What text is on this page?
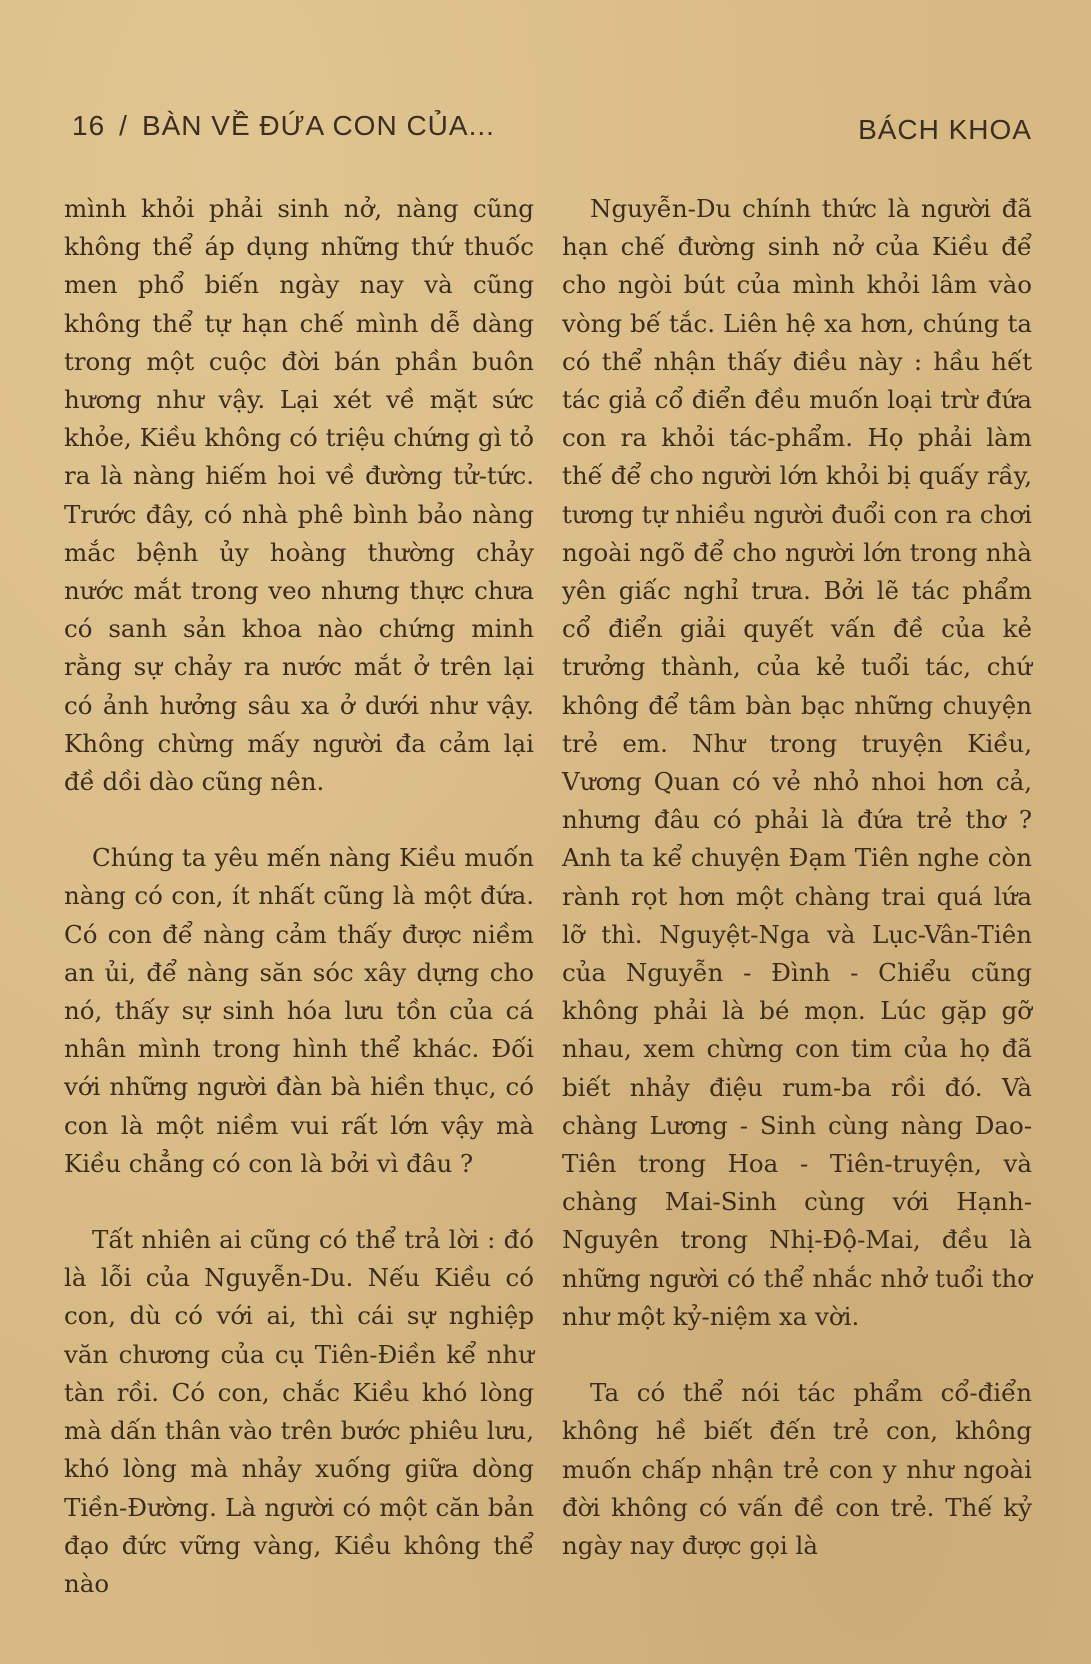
16 / BÀN VỀ ĐỨA CON CỦA...	BÁCH KHOA

mình khỏi phải sinh nở, nàng cũng không thể áp dụng những thứ thuốc men phổ biến ngày nay và cũng không thể tự hạn chế mình dễ dàng trong một cuộc đời bán phần buôn hương như vậy. Lại xét về mặt sức khỏe, Kiều không có triệu chứng gì tỏ ra là nàng hiếm hoi về đường tử-tức. Trước đây, có nhà phê bình bảo nàng mắc bệnh ủy hoàng thường chảy nước mắt trong veo nhưng thực chưa có sanh sản khoa nào chứng minh rằng sự chảy ra nước mắt ở trên lại có ảnh hưởng sâu xa ở dưới như vậy. Không chừng mấy người đa cảm lại đề dồi dào cũng nên.

Chúng ta yêu mến nàng Kiều muốn nàng có con, ít nhất cũng là một đứa. Có con để nàng cảm thấy được niềm an ủi, để nàng săn sóc xây dựng cho nó, thấy sự sinh hóa lưu tồn của cá nhân mình trong hình thể khác. Đối với những người đàn bà hiền thục, có con là một niềm vui rất lớn vậy mà Kiều chẳng có con là bởi vì đâu ?

Tất nhiên ai cũng có thể trả lời : đó là lỗi của Nguyễn-Du. Nếu Kiều có con, dù có với ai, thì cái sự nghiệp văn chương của cụ Tiên-Điền kể như tàn rồi. Có con, chắc Kiều khó lòng mà dấn thân vào trên bước phiêu lưu, khó lòng mà nhảy xuống giữa dòng Tiền-Đường. Là người có một căn bản đạo đức vững vàng, Kiều không thể nào

Nguyễn-Du chính thức là người đã hạn chế đường sinh nở của Kiều để cho ngòi bút của mình khỏi lâm vào vòng bế tắc. Liên hệ xa hơn, chúng ta có thể nhận thấy điều này : hầu hết tác giả cổ điển đều muốn loại trừ đứa con ra khỏi tác-phẩm. Họ phải làm thế để cho người lớn khỏi bị quấy rầy, tương tự nhiều người đuổi con ra chơi ngoài ngõ để cho người lớn trong nhà yên giấc nghỉ trưa. Bởi lẽ tác phẩm cổ điển giải quyết vấn đề của kẻ trưởng thành, của kẻ tuổi tác, chứ không để tâm bàn bạc những chuyện trẻ em. Như trong truyện Kiều, Vương Quan có vẻ nhỏ nhoi hơn cả, nhưng đâu có phải là đứa trẻ thơ ? Anh ta kể chuyện Đạm Tiên nghe còn rành rọt hơn một chàng trai quá lứa lỡ thì. Nguyệt-Nga và Lục-Vân-Tiên của Nguyễn - Đình - Chiểu cũng không phải là bé mọn. Lúc gặp gỡ nhau, xem chừng con tim của họ đã biết nhảy điệu rum-ba rồi đó. Và chàng Lương - Sinh cùng nàng Dao-Tiên trong Hoa - Tiên-truyện, và chàng Mai-Sinh cùng với Hạnh-Nguyên trong Nhị-Độ-Mai, đều là những người có thể nhắc nhở tuổi thơ như một kỷ-niệm xa vời.

Ta có thể nói tác phẩm cổ-điển không hề biết đến trẻ con, không muốn chấp nhận trẻ con y như ngoài đời không có vấn đề con trẻ. Thế kỷ ngày nay được gọi là
